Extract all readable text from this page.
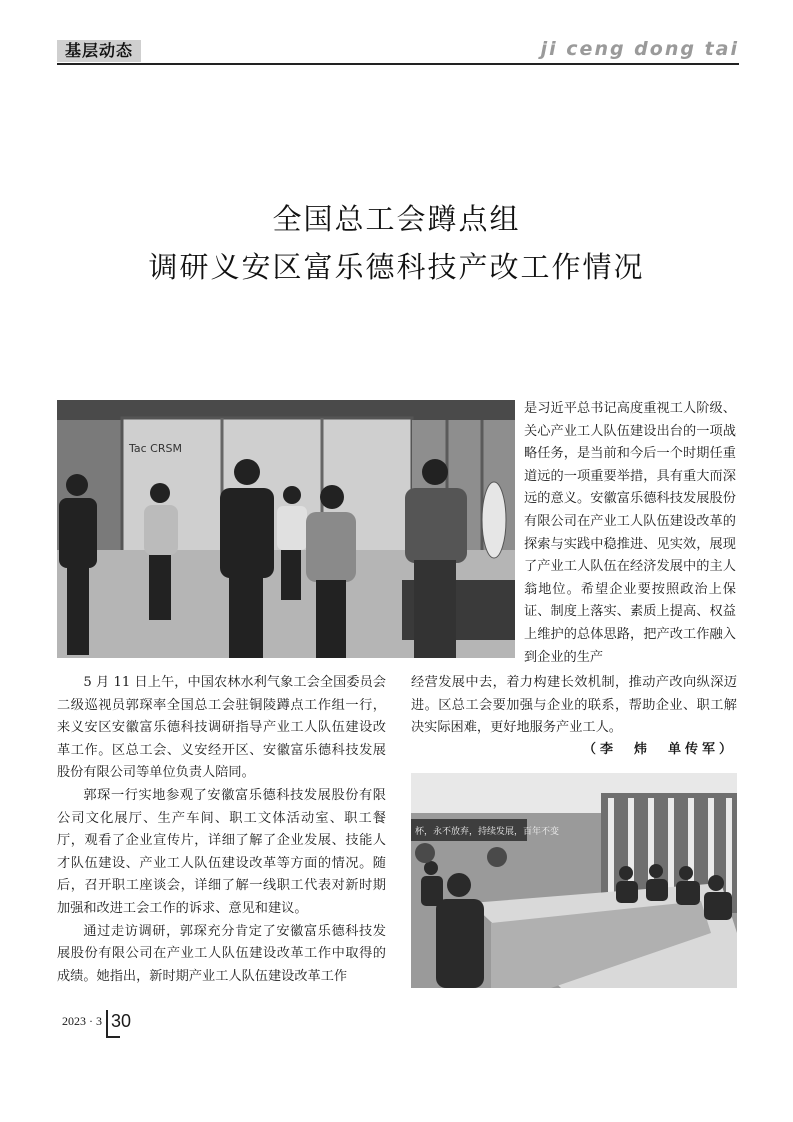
基层动态	ji ceng dong tai
全国总工会蹲点组
调研义安区富乐德科技产改工作情况
Tac CRSM

是习近平总书记高度重视工人阶级、关心产业工人队伍建设出台的一项战略任务，是当前和今后一个时期任重道远的一项重要举措，具有重大而深远的意义。安徽富乐德科技发展股份有限公司在产业工人队伍建设改革的探索与实践中稳推进、见实效，展现了产业工人队伍在经济发展中的主人翁地位。希望企业要按照政治上保证、制度上落实、素质上提高、权益上维护的总体思路，把产改工作融入到企业的生产

经营发展中去，着力构建长效机制，推动产改向纵深迈进。区总工会要加强与企业的联系，帮助企业、职工解决实际困难，更好地服务产业工人。

（李　炜　单传军）
杯，永不放弃，持续发展，百年不变

5 月 11 日上午，中国农林水利气象工会全国委员会二级巡视员郭琛率全国总工会驻铜陵蹲点工作组一行，来义安区安徽富乐德科技调研指导产业工人队伍建设改革工作。区总工会、义安经开区、安徽富乐德科技发展股份有限公司等单位负责人陪同。

郭琛一行实地参观了安徽富乐德科技发展股份有限公司文化展厅、生产车间、职工文体活动室、职工餐厅，观看了企业宣传片，详细了解了企业发展、技能人才队伍建设、产业工人队伍建设改革等方面的情况。随后，召开职工座谈会，详细了解一线职工代表对新时期加强和改进工会工作的诉求、意见和建议。

通过走访调研，郭琛充分肯定了安徽富乐德科技发展股份有限公司在产业工人队伍建设改革工作中取得的成绩。她指出，新时期产业工人队伍建设改革工作

2023 · 3 30
